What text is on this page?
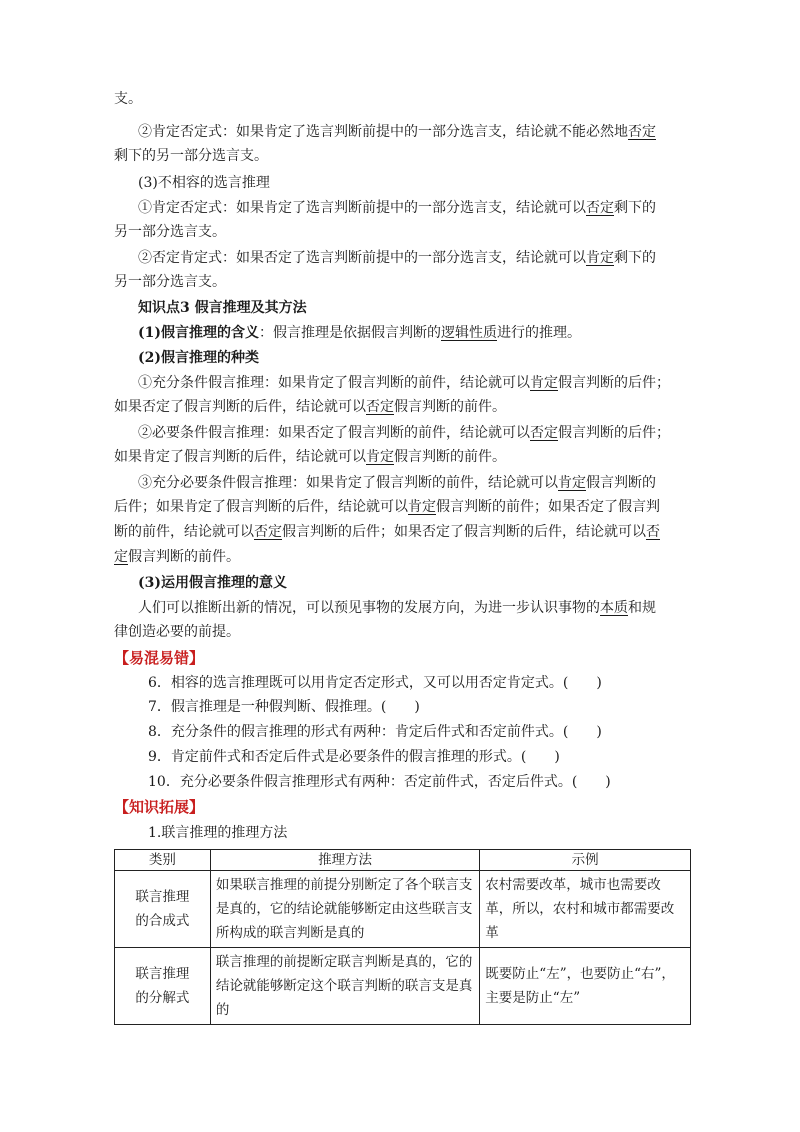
支。
②肯定否定式：如果肯定了选言判断前提中的一部分选言支，结论就不能必然地否定
剩下的另一部分选言支。
(3)不相容的选言推理
①肯定否定式：如果肯定了选言判断前提中的一部分选言支，结论就可以否定剩下的
另一部分选言支。
②否定肯定式：如果否定了选言判断前提中的一部分选言支，结论就可以肯定剩下的
另一部分选言支。
知识点3 假言推理及其方法
(1)假言推理的含义：假言推理是依据假言判断的逻辑性质进行的推理。
(2)假言推理的种类
①充分条件假言推理：如果肯定了假言判断的前件，结论就可以肯定假言判断的后件；
如果否定了假言判断的后件，结论就可以否定假言判断的前件。
②必要条件假言推理：如果否定了假言判断的前件，结论就可以否定假言判断的后件；
如果肯定了假言判断的后件，结论就可以肯定假言判断的前件。
③充分必要条件假言推理：如果肯定了假言判断的前件，结论就可以肯定假言判断的
后件；如果肯定了假言判断的后件，结论就可以肯定假言判断的前件；如果否定了假言判
断的前件，结论就可以否定假言判断的后件；如果否定了假言判断的后件，结论就可以否
定假言判断的前件。
(3)运用假言推理的意义
人们可以推断出新的情况，可以预见事物的发展方向，为进一步认识事物的本质和规
律创造必要的前提。
【易混易错】
6．相容的选言推理既可以用肯定否定形式，又可以用否定肯定式。(　　)
7．假言推理是一种假判断、假推理。(　　)
8．充分条件的假言推理的形式有两种：肯定后件式和否定前件式。(　　)
9．肯定前件式和否定后件式是必要条件的假言推理的形式。(　　)
10．充分必要条件假言推理形式有两种：否定前件式，否定后件式。(　　)
【知识拓展】
1.联言推理的推理方法
类别	推理方法	示例
联言推理
的合成式	如果联言推理的前提分别断定了各个联言支是真的，它的结论就能够断定由这些联言支所构成的联言判断是真的	农村需要改革，城市也需要改革，所以，农村和城市都需要改革
联言推理
的分解式	联言推理的前提断定联言判断是真的，它的结论就能够断定这个联言判断的联言支是真的	既要防止“左”，也要防止“右”，主要是防止“左”
